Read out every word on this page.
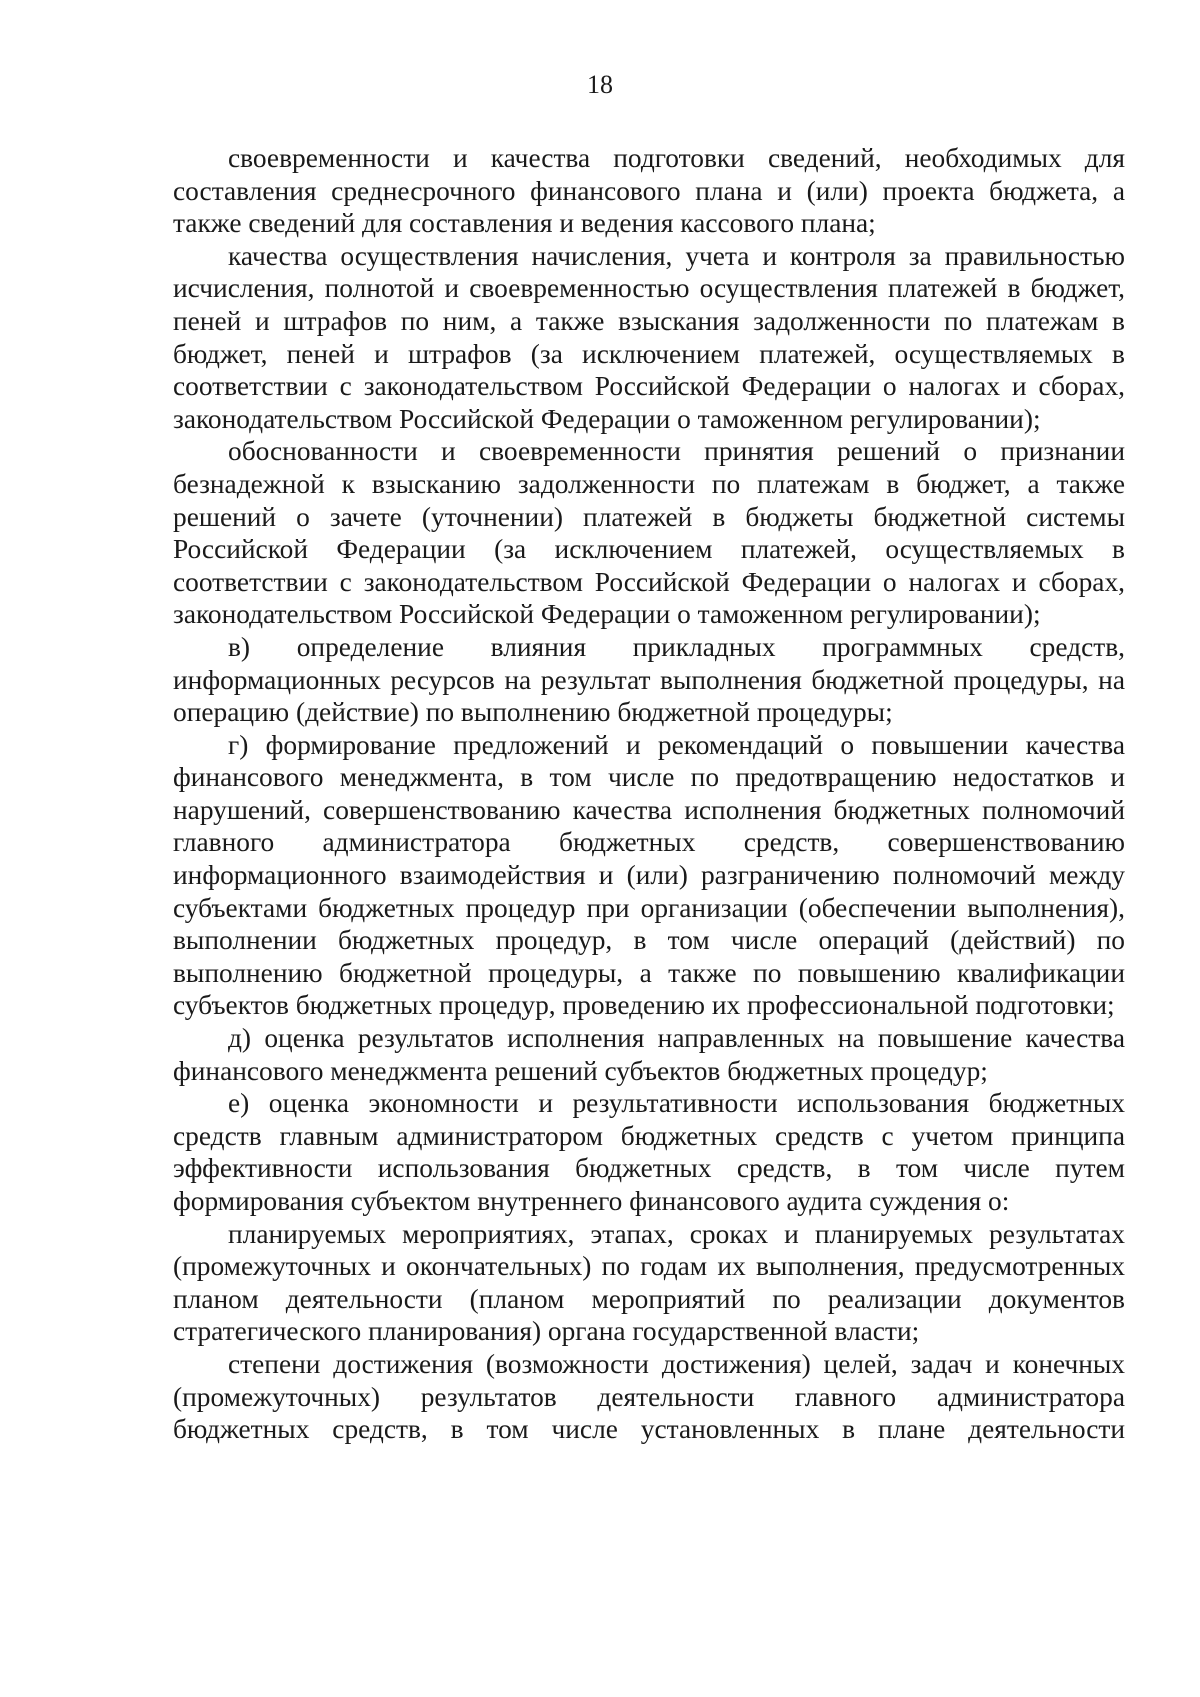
18

своевременности и качества подготовки сведений, необходимых для составления среднесрочного финансового плана и (или) проекта бюджета, а также сведений для составления и ведения кассового плана;

качества осуществления начисления, учета и контроля за правильностью исчисления, полнотой и своевременностью осуществления платежей в бюджет, пеней и штрафов по ним, а также взыскания задолженности по платежам в бюджет, пеней и штрафов (за исключением платежей, осуществляемых в соответствии с законодательством Российской Федерации о налогах и сборах, законодательством Российской Федерации о таможенном регулировании);

обоснованности и своевременности принятия решений о признании безнадежной к взысканию задолженности по платежам в бюджет, а также решений о зачете (уточнении) платежей в бюджеты бюджетной системы Российской Федерации (за исключением платежей, осуществляемых в соответствии с законодательством Российской Федерации о налогах и сборах, законодательством Российской Федерации о таможенном регулировании);

в) определение влияния прикладных программных средств, информационных ресурсов на результат выполнения бюджетной процедуры, на операцию (действие) по выполнению бюджетной процедуры;

г) формирование предложений и рекомендаций о повышении качества финансового менеджмента, в том числе по предотвращению недостатков и нарушений, совершенствованию качества исполнения бюджетных полномочий главного администратора бюджетных средств, совершенствованию информационного взаимодействия и (или) разграничению полномочий между субъектами бюджетных процедур при организации (обеспечении выполнения), выполнении бюджетных процедур, в том числе операций (действий) по выполнению бюджетной процедуры, а также по повышению квалификации субъектов бюджетных процедур, проведению их профессиональной подготовки;

д) оценка результатов исполнения направленных на повышение качества финансового менеджмента решений субъектов бюджетных процедур;

е) оценка экономности и результативности использования бюджетных средств главным администратором бюджетных средств с учетом принципа эффективности использования бюджетных средств, в том числе путем формирования субъектом внутреннего финансового аудита суждения о:

планируемых мероприятиях, этапах, сроках и планируемых результатах (промежуточных и окончательных) по годам их выполнения, предусмотренных планом деятельности (планом мероприятий по реализации документов стратегического планирования) органа государственной власти;

степени достижения (возможности достижения) целей, задач и конечных (промежуточных) результатов деятельности главного администратора бюджетных средств, в том числе установленных в плане деятельности
